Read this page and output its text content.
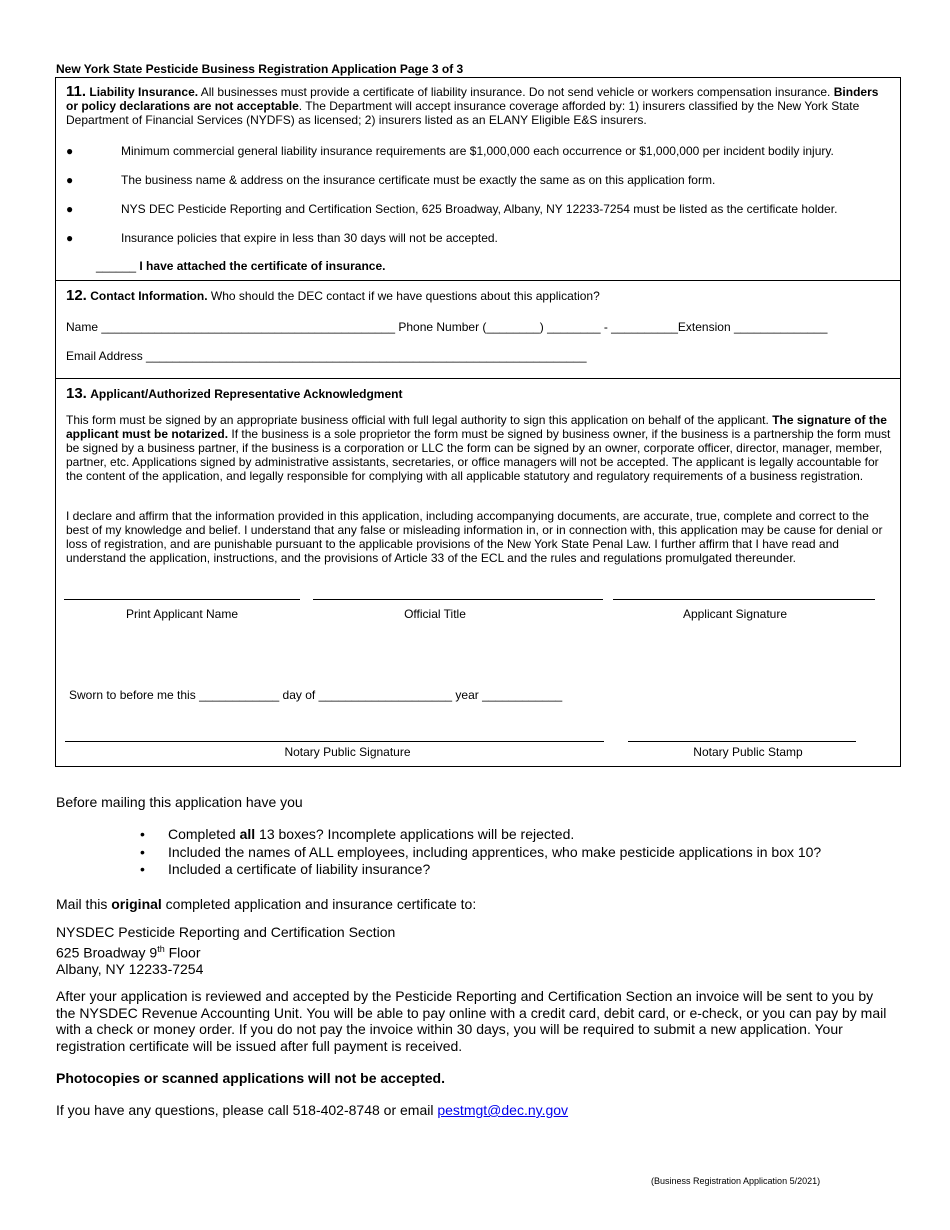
New York State Pesticide Business Registration Application Page 3 of 3
11. Liability Insurance. All businesses must provide a certificate of liability insurance. Do not send vehicle or workers compensation insurance. Binders or policy declarations are not acceptable. The Department will accept insurance coverage afforded by: 1) insurers classified by the New York State Department of Financial Services (NYDFS) as licensed; 2) insurers listed as an ELANY Eligible E&S insurers.
●	Minimum commercial general liability insurance requirements are $1,000,000 each occurrence or $1,000,000 per incident bodily injury.
●	The business name & address on the insurance certificate must be exactly the same as on this application form.
●	NYS DEC Pesticide Reporting and Certification Section, 625 Broadway, Albany, NY 12233-7254 must be listed as the certificate holder.
●	Insurance policies that expire in less than 30 days will not be accepted.
______ I have attached the certificate of insurance.
12. Contact Information. Who should the DEC contact if we have questions about this application?
Name ____________________________________________ Phone Number (________) ________ - __________Extension ______________
Email Address __________________________________________________________________
13. Applicant/Authorized Representative Acknowledgment
This form must be signed by an appropriate business official with full legal authority to sign this application on behalf of the applicant. The signature of the applicant must be notarized. If the business is a sole proprietor the form must be signed by business owner, if the business is a partnership the form must be signed by a business partner, if the business is a corporation or LLC the form can be signed by an owner, corporate officer, director, manager, member, partner, etc. Applications signed by administrative assistants, secretaries, or office managers will not be accepted. The applicant is legally accountable for the content of the application, and legally responsible for complying with all applicable statutory and regulatory requirements of a business registration.
I declare and affirm that the information provided in this application, including accompanying documents, are accurate, true, complete and correct to the best of my knowledge and belief. I understand that any false or misleading information in, or in connection with, this application may be cause for denial or loss of registration, and are punishable pursuant to the applicable provisions of the New York State Penal Law. I further affirm that I have read and understand the application, instructions, and the provisions of Article 33 of the ECL and the rules and regulations promulgated thereunder.
Print Applicant Name	Official Title	Applicant Signature
Sworn to before me this ____________ day of ____________________ year ____________
Notary Public Signature	Notary Public Stamp
Before mailing this application have you
• Completed all 13 boxes? Incomplete applications will be rejected.
• Included the names of ALL employees, including apprentices, who make pesticide applications in box 10?
• Included a certificate of liability insurance?
Mail this original completed application and insurance certificate to:
NYSDEC Pesticide Reporting and Certification Section
625 Broadway 9th Floor
Albany, NY 12233-7254
After your application is reviewed and accepted by the Pesticide Reporting and Certification Section an invoice will be sent to you by the NYSDEC Revenue Accounting Unit. You will be able to pay online with a credit card, debit card, or e-check, or you can pay by mail with a check or money order. If you do not pay the invoice within 30 days, you will be required to submit a new application. Your registration certificate will be issued after full payment is received.
Photocopies or scanned applications will not be accepted.
If you have any questions, please call 518-402-8748 or email pestmgt@dec.ny.gov
(Business Registration Application 5/2021)
